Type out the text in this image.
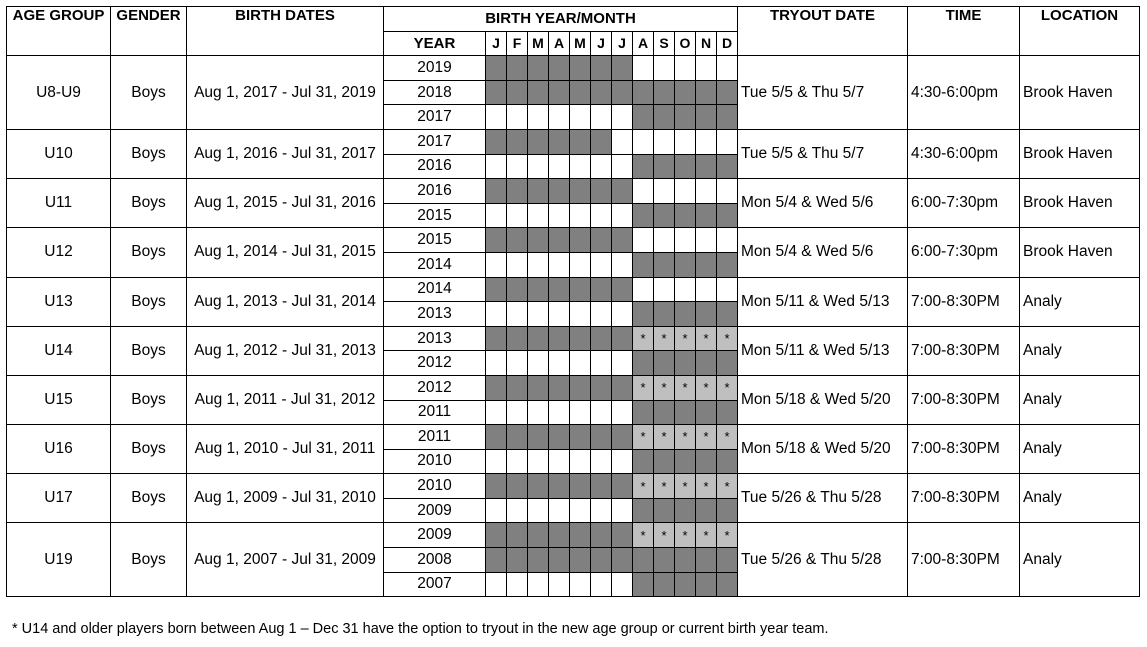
AGE GROUP	GENDER	BIRTH DATES	BIRTH YEAR/MONTH													TRYOUT DATE	TIME	LOCATION
			YEAR	J	F	M	A	M	J	J	A	S	O	N	D			
U8-U9	Boys	Aug 1, 2017 - Jul 31, 2019	2019													Tue 5/5 & Thu 5/7	4:30-6:00pm	Brook Haven
			2018															
			2017															
U10	Boys	Aug 1, 2016 - Jul 31, 2017	2017													Tue 5/5 & Thu 5/7	4:30-6:00pm	Brook Haven
			2016															
U11	Boys	Aug 1, 2015 - Jul 31, 2016	2016													Mon 5/4 & Wed 5/6	6:00-7:30pm	Brook Haven
			2015															
U12	Boys	Aug 1, 2014 - Jul 31, 2015	2015													Mon 5/4 & Wed 5/6	6:00-7:30pm	Brook Haven
			2014															
U13	Boys	Aug 1, 2013 - Jul 31, 2014	2014													Mon 5/11 & Wed 5/13	7:00-8:30PM	Analy
			2013															
U14	Boys	Aug 1, 2012 - Jul 31, 2013	2013								*	*	*	*	*	Mon 5/11 & Wed 5/13	7:00-8:30PM	Analy
			2012															
U15	Boys	Aug 1, 2011 - Jul 31, 2012	2012								*	*	*	*	*	Mon 5/18 & Wed 5/20	7:00-8:30PM	Analy
			2011															
U16	Boys	Aug 1, 2010 - Jul 31, 2011	2011								*	*	*	*	*	Mon 5/18 & Wed 5/20	7:00-8:30PM	Analy
			2010															
U17	Boys	Aug 1, 2009 - Jul 31, 2010	2010								*	*	*	*	*	Tue 5/26 & Thu 5/28	7:00-8:30PM	Analy
			2009															
U19	Boys	Aug 1, 2007 - Jul 31, 2009	2009								*	*	*	*	*	Tue 5/26 & Thu 5/28	7:00-8:30PM	Analy
			2008															
			2007															
* U14 and older players born between Aug 1 – Dec 31 have the option to tryout in the new age group or current birth year team.
